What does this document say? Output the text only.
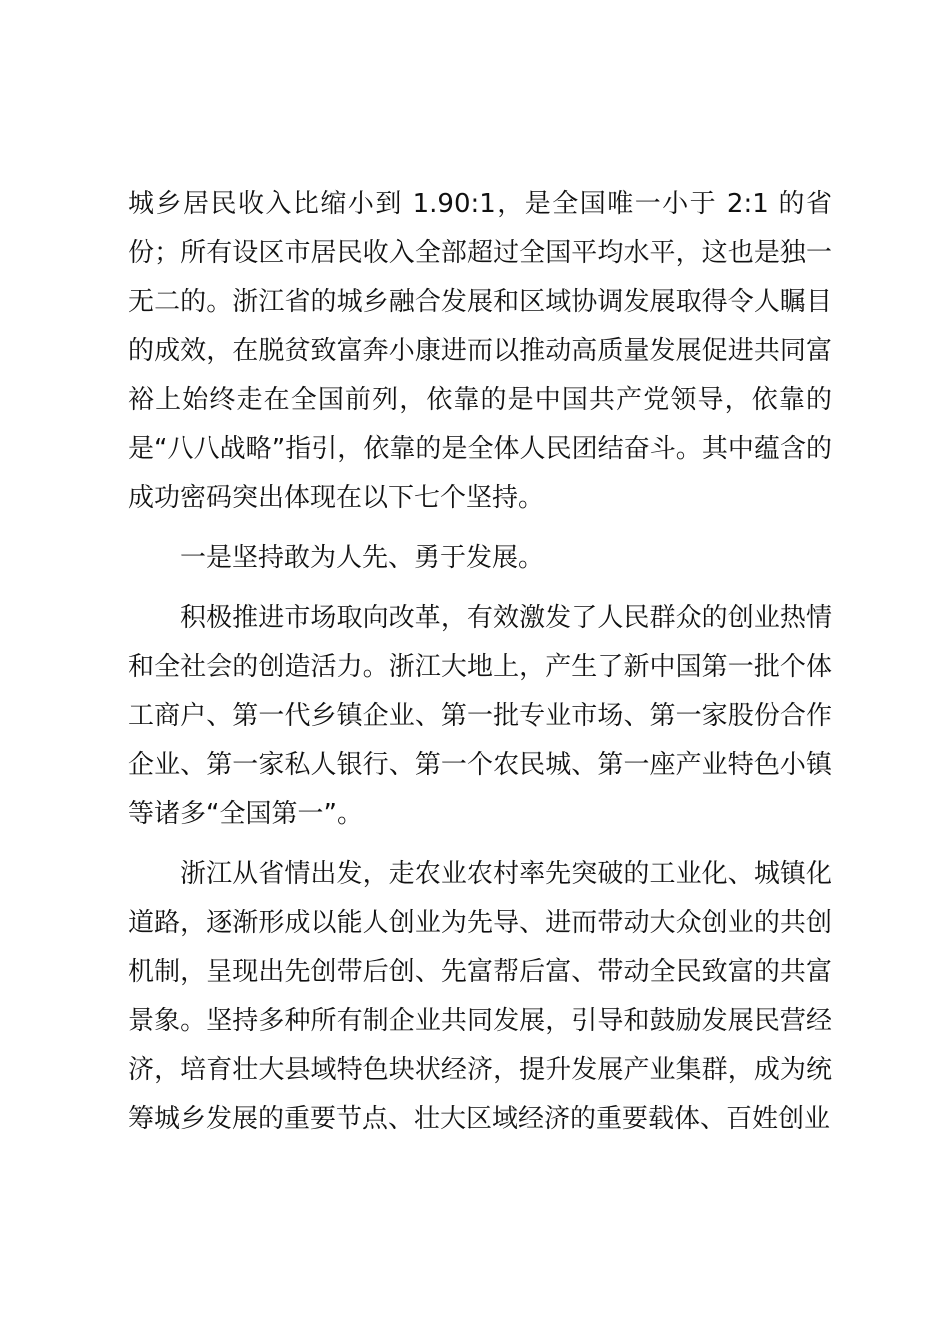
城乡居民收入比缩小到 1.90:1，是全国唯一小于 2:1 的省份；所有设区市居民收入全部超过全国平均水平，这也是独一无二的。浙江省的城乡融合发展和区域协调发展取得令人瞩目的成效，在脱贫致富奔小康进而以推动高质量发展促进共同富裕上始终走在全国前列，依靠的是中国共产党领导，依靠的是“八八战略”指引，依靠的是全体人民团结奋斗。其中蕴含的成功密码突出体现在以下七个坚持。

一是坚持敢为人先、勇于发展。

积极推进市场取向改革，有效激发了人民群众的创业热情和全社会的创造活力。浙江大地上，产生了新中国第一批个体工商户、第一代乡镇企业、第一批专业市场、第一家股份合作企业、第一家私人银行、第一个农民城、第一座产业特色小镇等诸多“全国第一”。

浙江从省情出发，走农业农村率先突破的工业化、城镇化道路，逐渐形成以能人创业为先导、进而带动大众创业的共创机制，呈现出先创带后创、先富帮后富、带动全民致富的共富景象。坚持多种所有制企业共同发展，引导和鼓励发展民营经济，培育壮大县域特色块状经济，提升发展产业集群，成为统筹城乡发展的重要节点、壮大区域经济的重要载体、百姓创业
